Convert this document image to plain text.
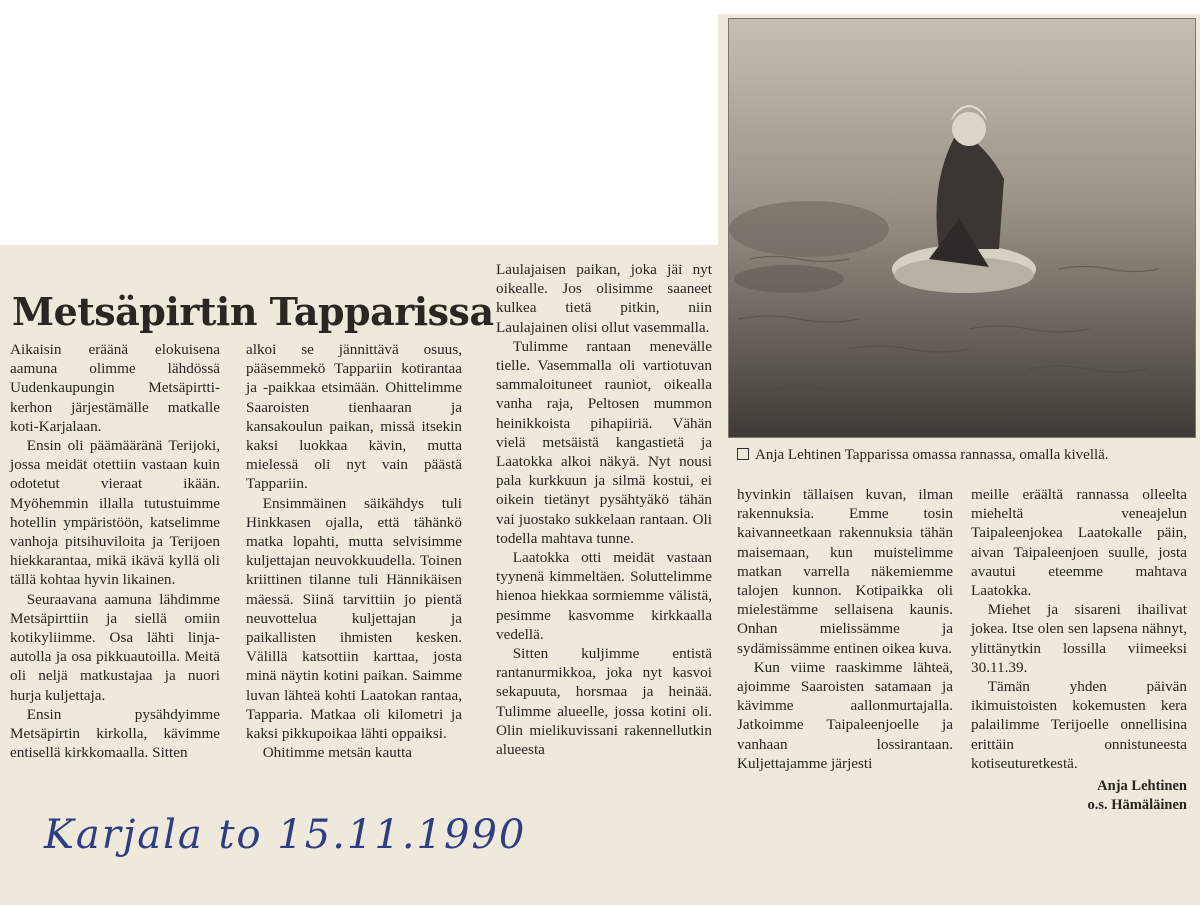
Metsäpirtin Tapparissa

Aikaisin eräänä elokuisena aamuna olimme lähdössä Uudenkaupungin Metsäpirtti-kerhon järjestämälle matkalle koti-Karjalaan.

Ensin oli päämääränä Terijoki, jossa meidät otettiin vastaan kuin odotetut vieraat ikään. Myöhemmin illalla tutustuimme hotellin ympäristöön, katselimme vanhoja pitsihuviloita ja Terijoen hiekkarantaa, mikä ikävä kyllä oli tällä kohtaa hyvin likainen.

Seuraavana aamuna lähdimme Metsäpirttiin ja siellä omiin kotikyliimme. Osa lähti linja-autolla ja osa pikkuautoilla. Meitä oli neljä matkustajaa ja nuori hurja kuljettaja.

Ensin pysähdyimme Metsäpirtin kirkolla, kävimme entisellä kirkkomaalla. Sitten

alkoi se jännittävä osuus, pääsemmekö Tappariin kotirantaa ja -paikkaa etsimään. Ohittelimme Saaroisten tienhaaran ja kansakoulun paikan, missä itsekin kaksi luokkaa kävin, mutta mielessä oli nyt vain päästä Tappariin.

Ensimmäinen säikähdys tuli Hinkkasen ojalla, että tähänkö matka lopahti, mutta selvisimme kuljettajan neuvokkuudella. Toinen kriittinen tilanne tuli Hännikäisen mäessä. Siinä tarvittiin jo pientä neuvottelua kuljettajan ja paikallisten ihmisten kesken. Välillä katsottiin karttaa, josta minä näytin kotini paikan. Saimme luvan lähteä kohti Laatokan rantaa, Tapparia. Matkaa oli kilometri ja kaksi pikkupoikaa lähti oppaiksi.

Ohitimme metsän kautta

Laulajaisen paikan, joka jäi nyt oikealle. Jos olisimme saaneet kulkea tietä pitkin, niin Laulajainen olisi ollut vasemmalla.

Tulimme rantaan menevälle tielle. Vasemmalla oli vartiotuvan sammaloituneet rauniot, oikealla vanha raja, Peltosen mummon heinikkoista pihapiiriä. Vähän vielä metsäistä kangastietä ja Laatokka alkoi näkyä. Nyt nousi pala kurkkuun ja silmä kostui, ei oikein tietänyt pysähtyäkö tähän vai juostako sukkelaan rantaan. Oli todella mahtava tunne.

Laatokka otti meidät vastaan tyynenä kimmeltäen. Soluttelimme hienoa hiekkaa sormiemme välistä, pesimme kasvomme kirkkaalla vedellä.

Sitten kuljimme entistä rantanurmikkoa, joka nyt kasvoi sekapuuta, horsmaa ja heinää. Tulimme alueelle, jossa kotini oli. Olin mielikuvissani rakennellutkin alueesta

Anja Lehtinen Tapparissa omassa rannassa, omalla kivellä.

hyvinkin tällaisen kuvan, ilman rakennuksia. Emme tosin kaivanneetkaan rakennuksia tähän maisemaan, kun muistelimme matkan varrella näkemiemme talojen kunnon. Kotipaikka oli mielestämme sellaisena kaunis. Onhan mielissämme ja sydämissämme entinen oikea kuva.

Kun viime raaskimme lähteä, ajoimme Saaroisten satamaan ja kävimme aallonmurtajalla. Jatkoimme Taipaleenjoelle ja vanhaan lossirantaan. Kuljettajamme järjesti

meille eräältä rannassa olleelta mieheltä veneajelun Taipaleenjokea Laatokalle päin, aivan Taipaleenjoen suulle, josta avautui eteemme mahtava Laatokka.

Miehet ja sisareni ihailivat jokea. Itse olen sen lapsena nähnyt, ylittänytkin lossilla viimeeksi 30.11.39.

Tämän yhden päivän ikimuistoisten kokemusten kera palailimme Terijoelle onnellisina erittäin onnistuneesta kotiseuturetkestä.

Anja Lehtinen
o.s. Hämäläinen
Karjala to 15.11.1990
